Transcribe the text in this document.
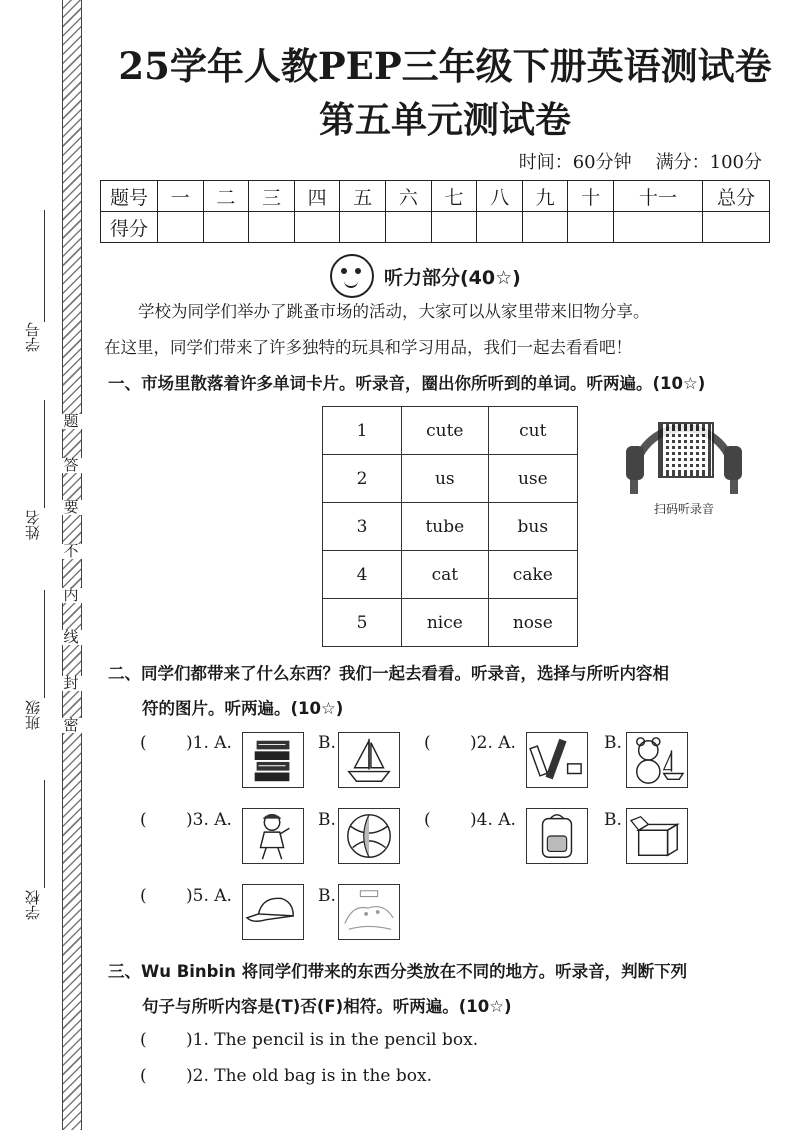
学号
姓名
班级
学校
题
答
要
不
内
线
封
密
25学年人教PEP三年级下册英语测试卷
第五单元测试卷
时间：60分钟 满分：100分
题号	一	二	三	四	五	六	七	八	九	十	十一	总分
得分												
听力部分(40☆)
学校为同学们举办了跳蚤市场的活动，大家可以从家里带来旧物分享。
在这里，同学们带来了许多独特的玩具和学习用品，我们一起去看看吧！
一、市场里散落着许多单词卡片。听录音，圈出你所听到的单词。听两遍。(10☆)
1	cute	cut
2	us	use
3	tube	bus
4	cat	cake
5	nice	nose
扫码听录音
二、同学们都带来了什么东西？我们一起去看看。听录音，选择与所听内容相
符的图片。听两遍。(10☆)
( )1. A.	B.	( )2. A.	B.
( )3. A.	B.	( )4. A.	B.
( )5. A.	B.
三、Wu Binbin 将同学们带来的东西分类放在不同的地方。听录音，判断下列
句子与所听内容是(T)否(F)相符。听两遍。(10☆)
( )1. The pencil is in the pencil box.
( )2. The old bag is in the box.
